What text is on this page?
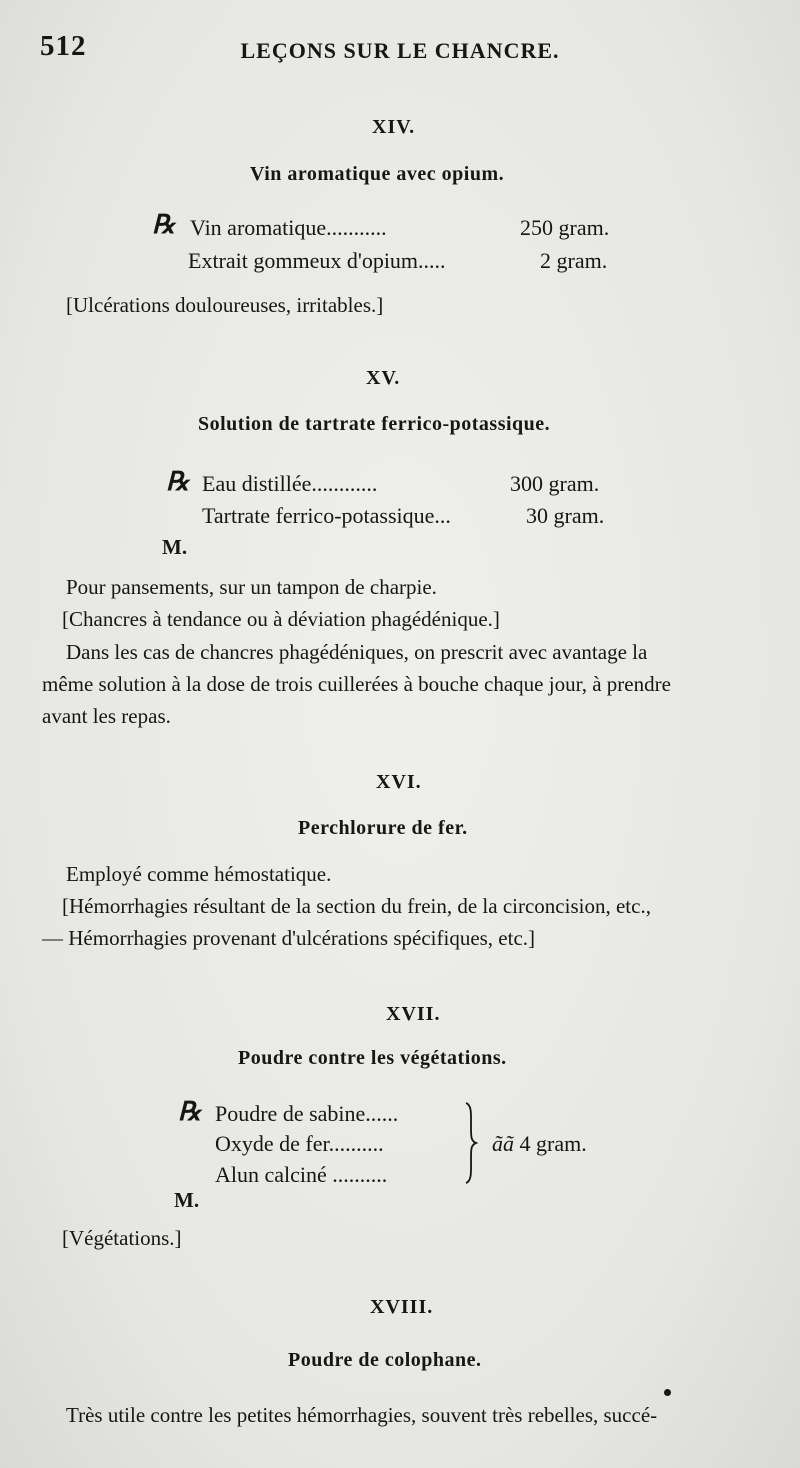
512	LEÇONS SUR LE CHANCRE.
XIV.
Vin aromatique avec opium.
℞ Vin aromatique...........	250 gram.
Extrait gommeux d'opium.....	2 gram.
[Ulcérations douloureuses, irritables.]
XV.
Solution de tartrate ferrico-potassique.
℞ Eau distillée............	300 gram.
Tartrate ferrico-potassique...	30 gram.
M.
Pour pansements, sur un tampon de charpie.
[Chancres à tendance ou à déviation phagédénique.]
Dans les cas de chancres phagédéniques, on prescrit avec avantage la
même solution à la dose de trois cuillerées à bouche chaque jour, à prendre
avant les repas.
XVI.
Perchlorure de fer.
Employé comme hémostatique.
[Hémorrhagies résultant de la section du frein, de la circoncision, etc.,
— Hémorrhagies provenant d'ulcérations spécifiques, etc.]
XVII.
Poudre contre les végétations.
℞ Poudre de sabine......
Oxyde de fer..........
Alun calciné ..........
ãã 4 gram.
M.
[Végétations.]
XVIII.
Poudre de colophane.
Très utile contre les petites hémorrhagies, souvent très rebelles, succé-
